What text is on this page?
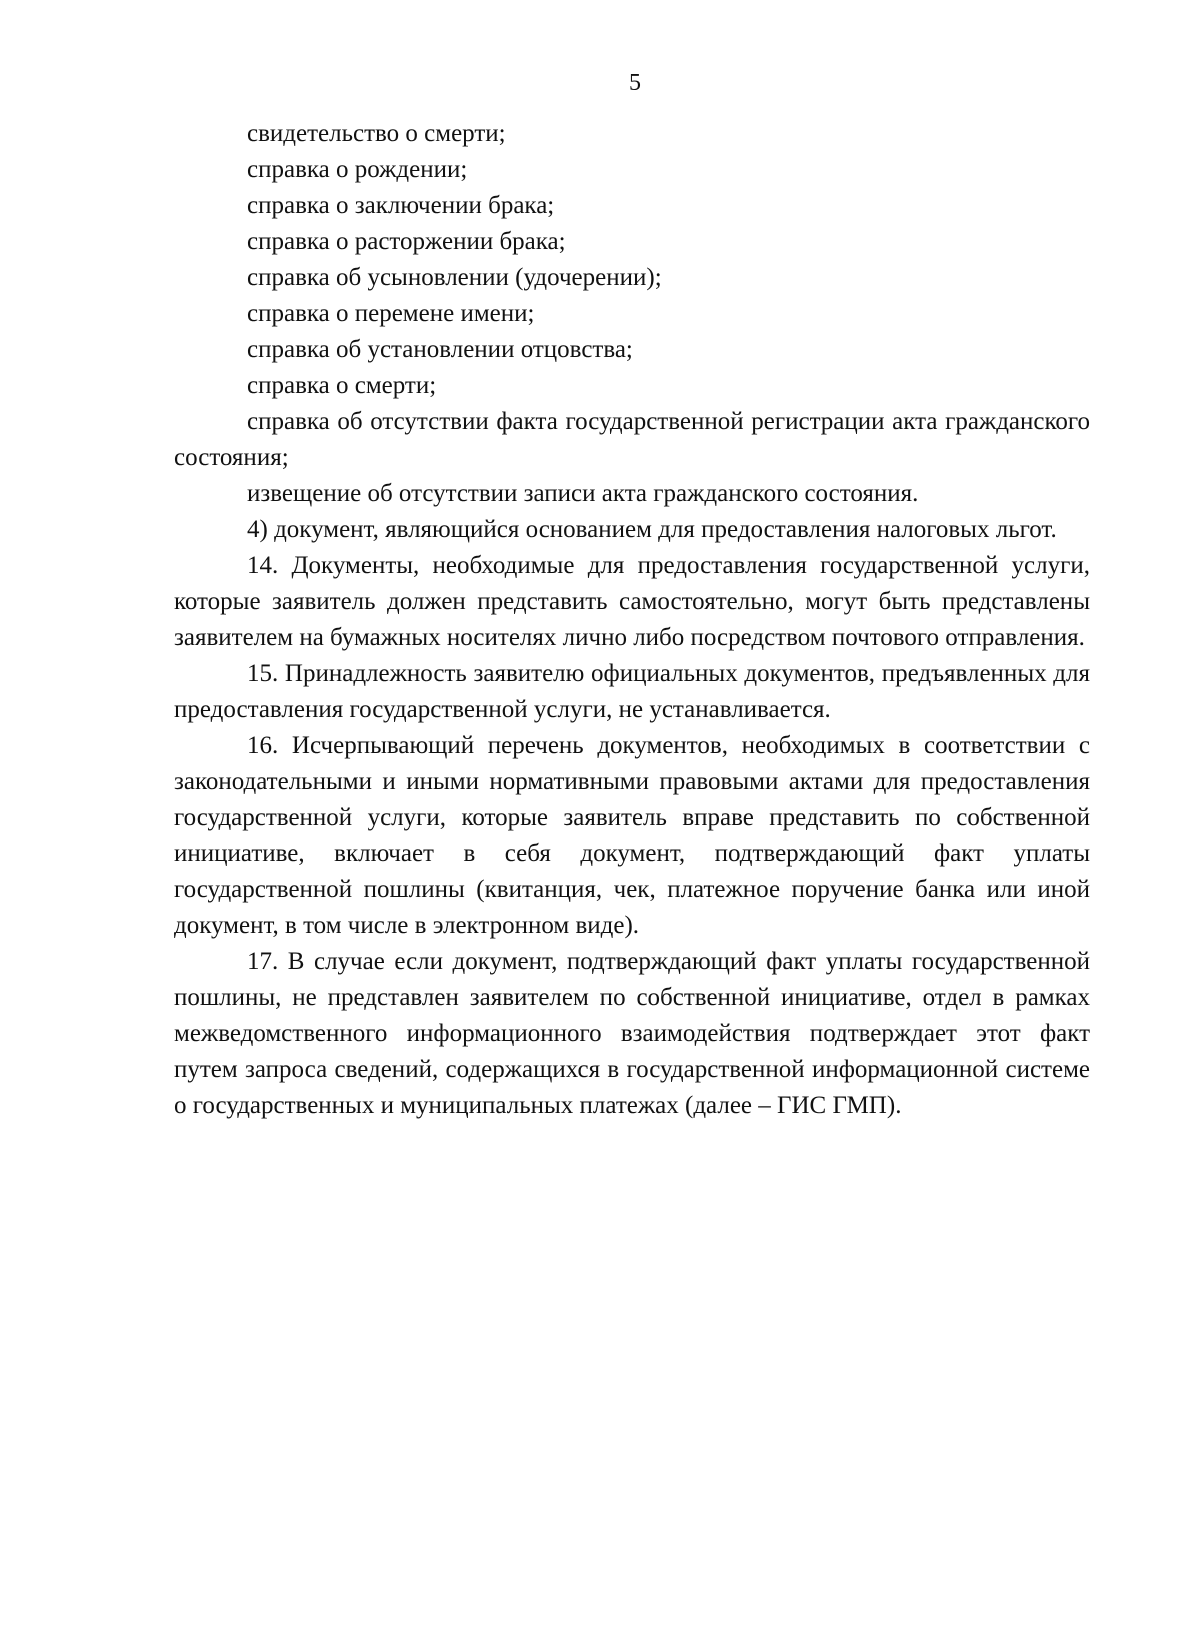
5
свидетельство о смерти;
справка о рождении;
справка о заключении брака;
справка о расторжении брака;
справка об усыновлении (удочерении);
справка о перемене имени;
справка об установлении отцовства;
справка о смерти;

справка об отсутствии факта государственной регистрации акта гражданского состояния;

извещение об отсутствии записи акта гражданского состояния.

4) документ, являющийся основанием для предоставления налоговых льгот.

14. Документы, необходимые для предоставления государственной услуги, которые заявитель должен представить самостоятельно, могут быть представлены заявителем на бумажных носителях лично либо посредством почтового отправления.

15. Принадлежность заявителю официальных документов, предъявленных для предоставления государственной услуги, не устанавливается.

16. Исчерпывающий перечень документов, необходимых в соответствии с законодательными и иными нормативными правовыми актами для предоставления государственной услуги, которые заявитель вправе представить по собственной инициативе, включает в себя документ, подтверждающий факт уплаты государственной пошлины (квитанция, чек, платежное поручение банка или иной документ, в том числе в электронном виде).

17. В случае если документ, подтверждающий факт уплаты государственной пошлины, не представлен заявителем по собственной инициативе, отдел в рамках межведомственного информационного взаимодействия подтверждает этот факт путем запроса сведений, содержащихся в государственной информационной системе о государственных и муниципальных платежах (далее – ГИС ГМП).
